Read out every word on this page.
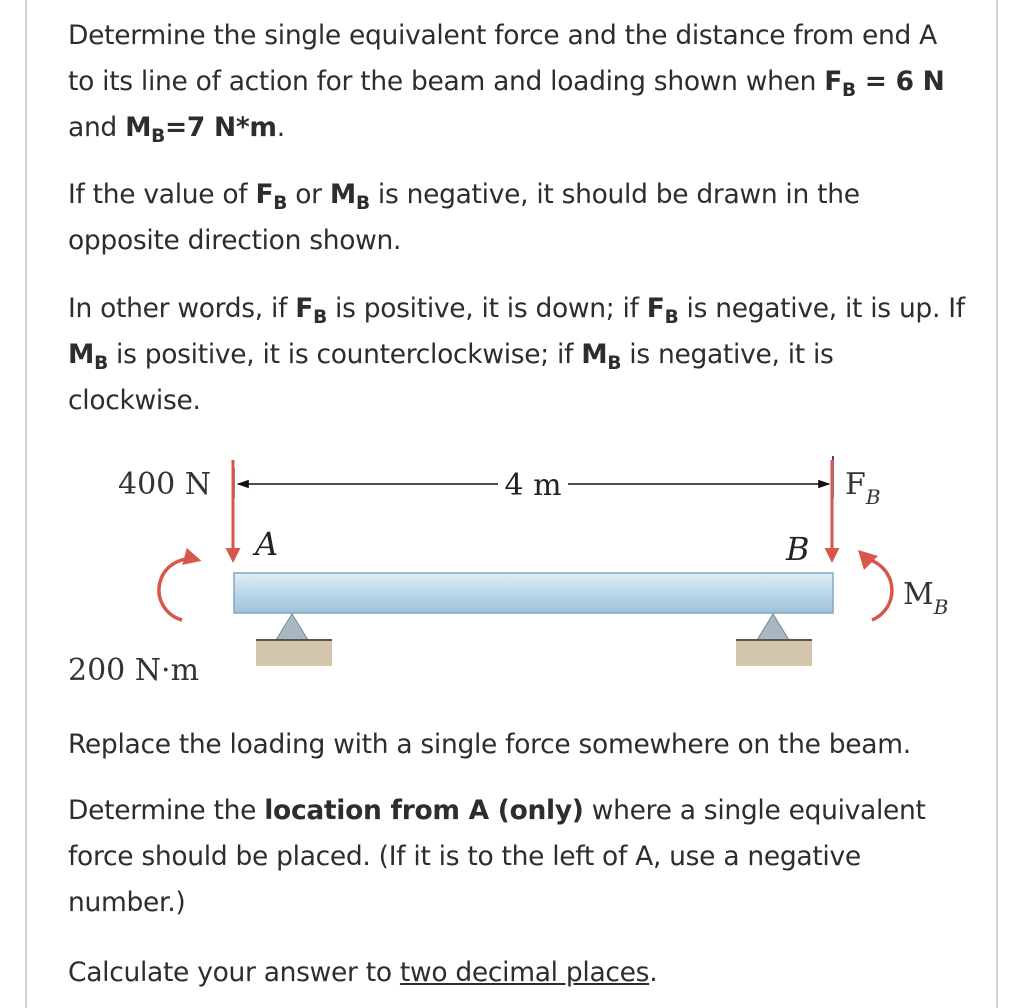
Determine the single equivalent force and the distance from end A to its line of action for the beam and loading shown when $F_B = 6$ N and $M_B=7$ N*m.
If the value of $F_B$ or $M_B$ is negative, it should be drawn in the opposite direction shown.
In other words, if $F_B$ is positive, it is down; if $F_B$ is negative, it is up. If $M_B$ is positive, it is counterclockwise; if $M_B$ is negative, it is clockwise.
4 m
400 N	$F_B$
A	B
200 N·m
$M_B$
Replace the loading with a single force somewhere on the beam.
Determine the location from A (only) where a single equivalent force should be placed. (If it is to the left of A, use a negative number.)
Calculate your answer to two decimal places.
